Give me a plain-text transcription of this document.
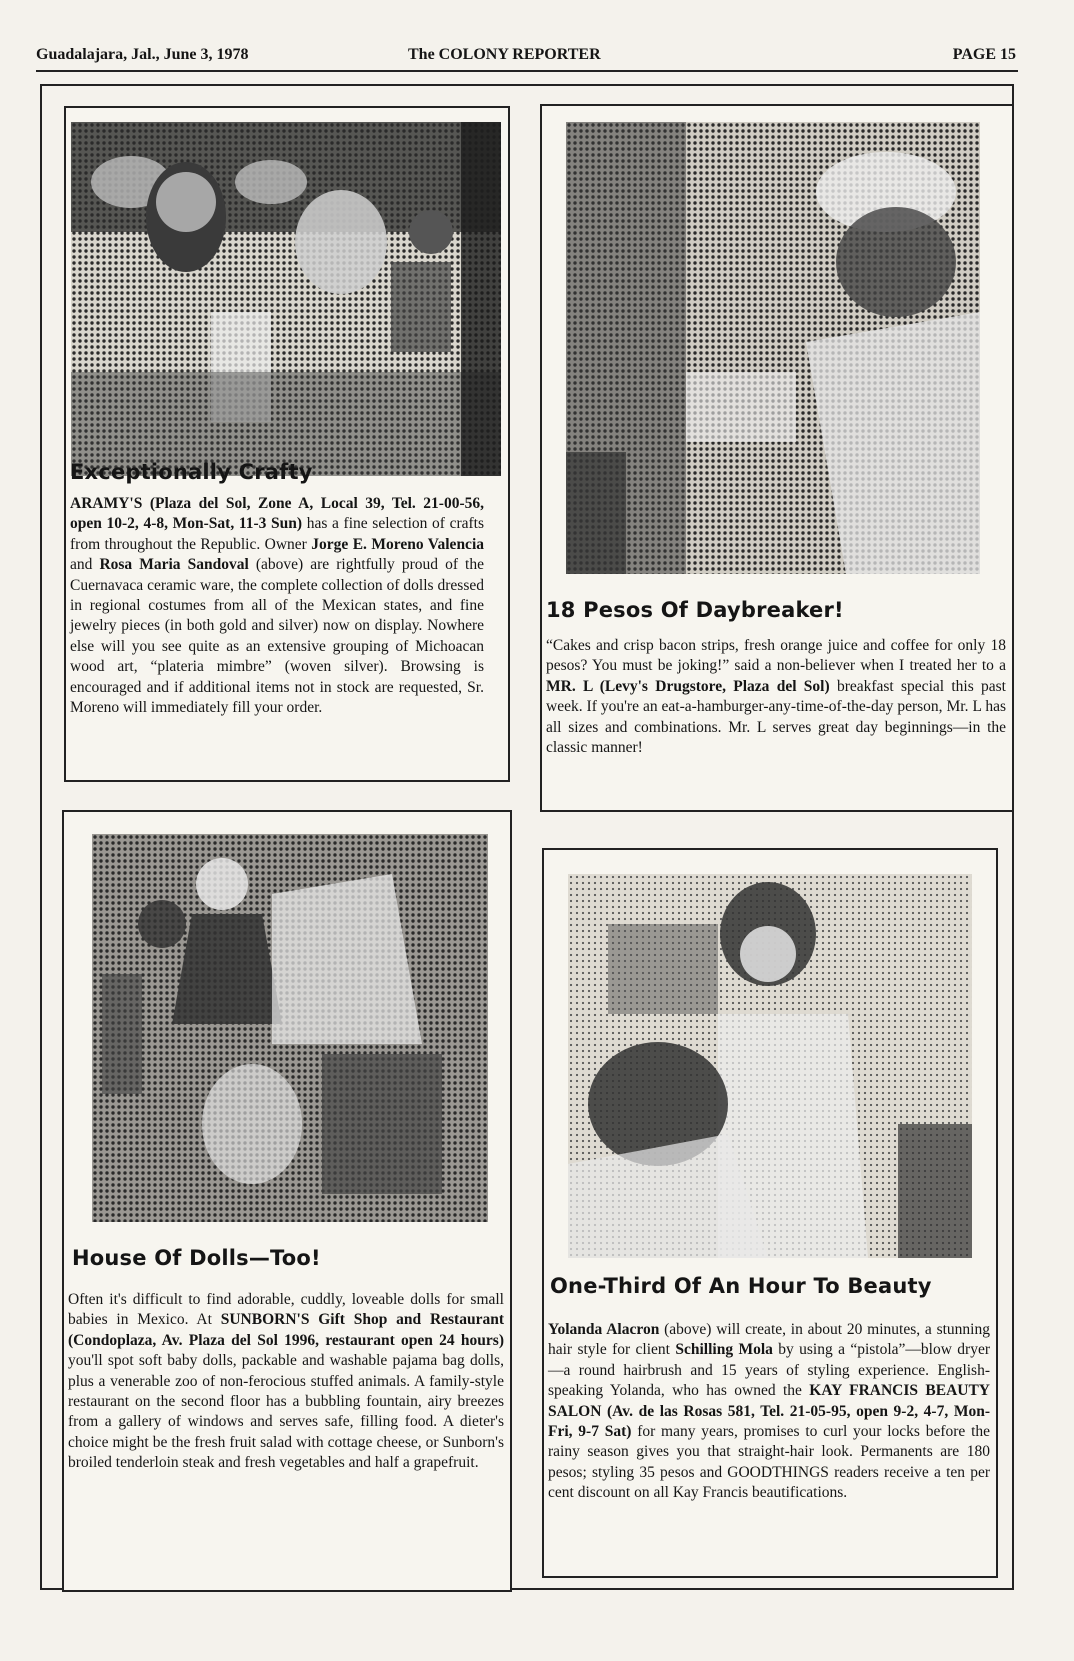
Guadalajara, Jal., June 3, 1978	The COLONY REPORTER	PAGE 15
Exceptionally Crafty
ARAMY'S (Plaza del Sol, Zone A, Local 39, Tel. 21-00-56, open 10-2, 4-8, Mon-Sat, 11-3 Sun) has a fine selection of crafts from throughout the Republic. Owner Jorge E. Moreno Valencia and Rosa Maria Sandoval (above) are rightfully proud of the Cuernavaca ceramic ware, the complete collection of dolls dressed in regional costumes from all of the Mexican states, and fine jewelry pieces (in both gold and silver) now on display. Nowhere else will you see quite as an extensive grouping of Michoacan wood art, “plateria mimbre” (woven silver). Browsing is encouraged and if additional items not in stock are requested, Sr. Moreno will immediately fill your order.
18 Pesos Of Daybreaker!
“Cakes and crisp bacon strips, fresh orange juice and coffee for only 18 pesos? You must be joking!” said a non-believer when I treated her to a MR. L (Levy's Drugstore, Plaza del Sol) breakfast special this past week. If you're an eat-a-hamburger-any-time-of-the-day person, Mr. L has all sizes and combinations. Mr. L serves great day beginnings—in the classic manner!
House Of Dolls—Too!
Often it's difficult to find adorable, cuddly, loveable dolls for small babies in Mexico. At SUNBORN'S Gift Shop and Restaurant (Condoplaza, Av. Plaza del Sol 1996, restaurant open 24 hours) you'll spot soft baby dolls, packable and washable pajama bag dolls, plus a venerable zoo of non-ferocious stuffed animals. A family-style restaurant on the second floor has a bubbling fountain, airy breezes from a gallery of windows and serves safe, filling food. A dieter's choice might be the fresh fruit salad with cottage cheese, or Sunborn's broiled tenderloin steak and fresh vegetables and half a grapefruit.
One-Third Of An Hour To Beauty
Yolanda Alacron (above) will create, in about 20 minutes, a stunning hair style for client Schilling Mola by using a “pistola”—blow dryer—a round hairbrush and 15 years of styling experience. English-speaking Yolanda, who has owned the KAY FRANCIS BEAUTY SALON (Av. de las Rosas 581, Tel. 21-05-95, open 9-2, 4-7, Mon-Fri, 9-7 Sat) for many years, promises to curl your locks before the rainy season gives you that straight-hair look. Permanents are 180 pesos; styling 35 pesos and GOODTHINGS readers receive a ten per cent discount on all Kay Francis beautifications.
